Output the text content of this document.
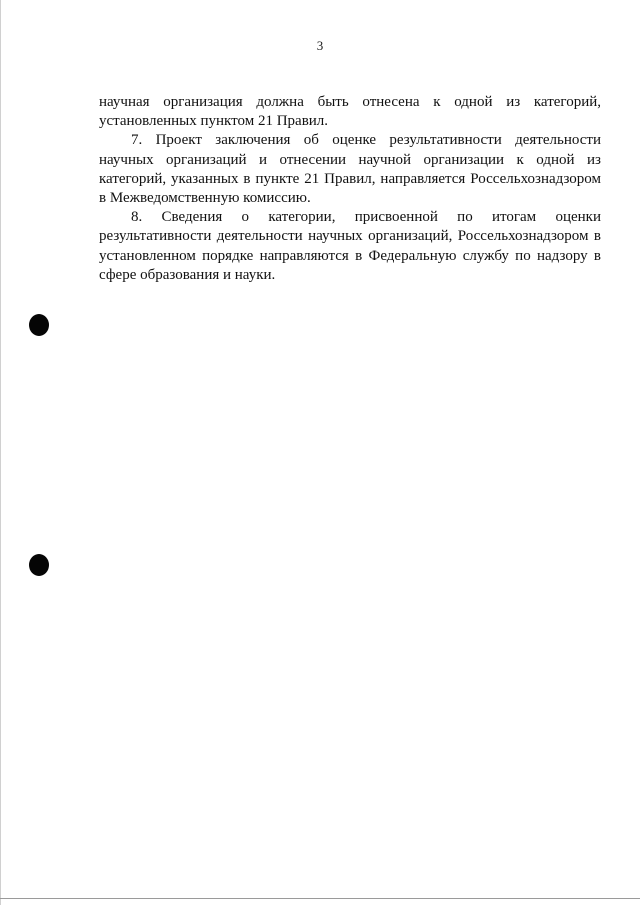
3

научная организация должна быть отнесена к одной из категорий, установленных пунктом 21 Правил.

7. Проект заключения об оценке результативности деятельности научных организаций и отнесении научной организации к одной из категорий, указанных в пункте 21 Правил, направляется Россельхознадзором в Межведомственную комиссию.

8. Сведения о категории, присвоенной по итогам оценки результативности деятельности научных организаций, Россельхознадзором в установленном порядке направляются в Федеральную службу по надзору в сфере образования и науки.
